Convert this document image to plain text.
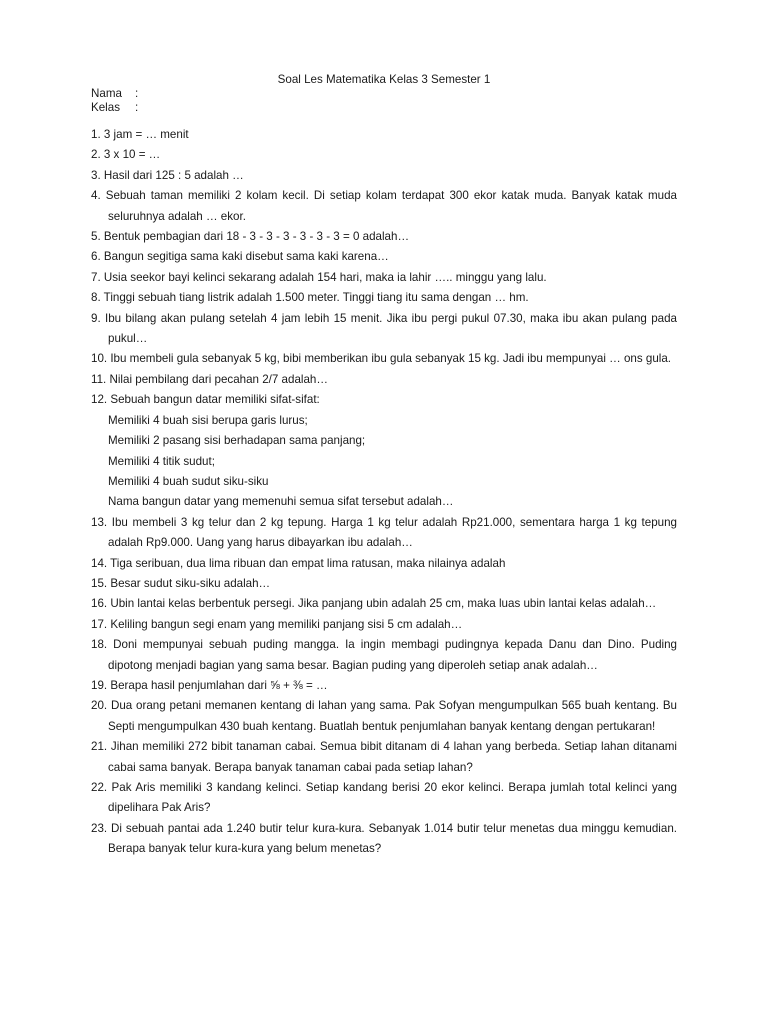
Soal Les Matematika Kelas 3 Semester 1
Nama :
Kelas :
1. 3 jam = … menit
2. 3 x 10 = …
3. Hasil dari 125 : 5 adalah …
4. Sebuah taman memiliki 2 kolam kecil. Di setiap kolam terdapat 300 ekor katak muda. Banyak katak muda seluruhnya adalah … ekor.
5. Bentuk pembagian dari 18 - 3 - 3 - 3 - 3 - 3 - 3 = 0 adalah…
6. Bangun segitiga sama kaki disebut sama kaki karena…
7. Usia seekor bayi kelinci sekarang adalah 154 hari, maka ia lahir ….. minggu yang lalu.
8. Tinggi sebuah tiang listrik adalah 1.500 meter. Tinggi tiang itu sama dengan … hm.
9. Ibu bilang akan pulang setelah 4 jam lebih 15 menit. Jika ibu pergi pukul 07.30, maka ibu akan pulang pada pukul…
10. Ibu membeli gula sebanyak 5 kg, bibi memberikan ibu gula sebanyak 15 kg. Jadi ibu mempunyai … ons gula.
11. Nilai pembilang dari pecahan 2/7 adalah…
12. Sebuah bangun datar memiliki sifat-sifat:
Memiliki 4 buah sisi berupa garis lurus;
Memiliki 2 pasang sisi berhadapan sama panjang;
Memiliki 4 titik sudut;
Memiliki 4 buah sudut siku-siku
Nama bangun datar yang memenuhi semua sifat tersebut adalah…
13. Ibu membeli 3 kg telur dan 2 kg tepung. Harga 1 kg telur adalah Rp21.000, sementara harga 1 kg tepung adalah Rp9.000. Uang yang harus dibayarkan ibu adalah…
14. Tiga seribuan, dua lima ribuan dan empat lima ratusan, maka nilainya adalah
15. Besar sudut siku-siku adalah…
16. Ubin lantai kelas berbentuk persegi. Jika panjang ubin adalah 25 cm, maka luas ubin lantai kelas adalah…
17. Keliling bangun segi enam yang memiliki panjang sisi 5 cm adalah…
18. Doni mempunyai sebuah puding mangga. Ia ingin membagi pudingnya kepada Danu dan Dino. Puding dipotong menjadi bagian yang sama besar. Bagian puding yang diperoleh setiap anak adalah…
19. Berapa hasil penjumlahan dari ⅝ + ⅜ = …
20. Dua orang petani memanen kentang di lahan yang sama. Pak Sofyan mengumpulkan 565 buah kentang. Bu Septi mengumpulkan 430 buah kentang. Buatlah bentuk penjumlahan banyak kentang dengan pertukaran!
21. Jihan memiliki 272 bibit tanaman cabai. Semua bibit ditanam di 4 lahan yang berbeda. Setiap lahan ditanami cabai sama banyak. Berapa banyak tanaman cabai pada setiap lahan?
22. Pak Aris memiliki 3 kandang kelinci. Setiap kandang berisi 20 ekor kelinci. Berapa jumlah total kelinci yang dipelihara Pak Aris?
23. Di sebuah pantai ada 1.240 butir telur kura-kura. Sebanyak 1.014 butir telur menetas dua minggu kemudian. Berapa banyak telur kura-kura yang belum menetas?
